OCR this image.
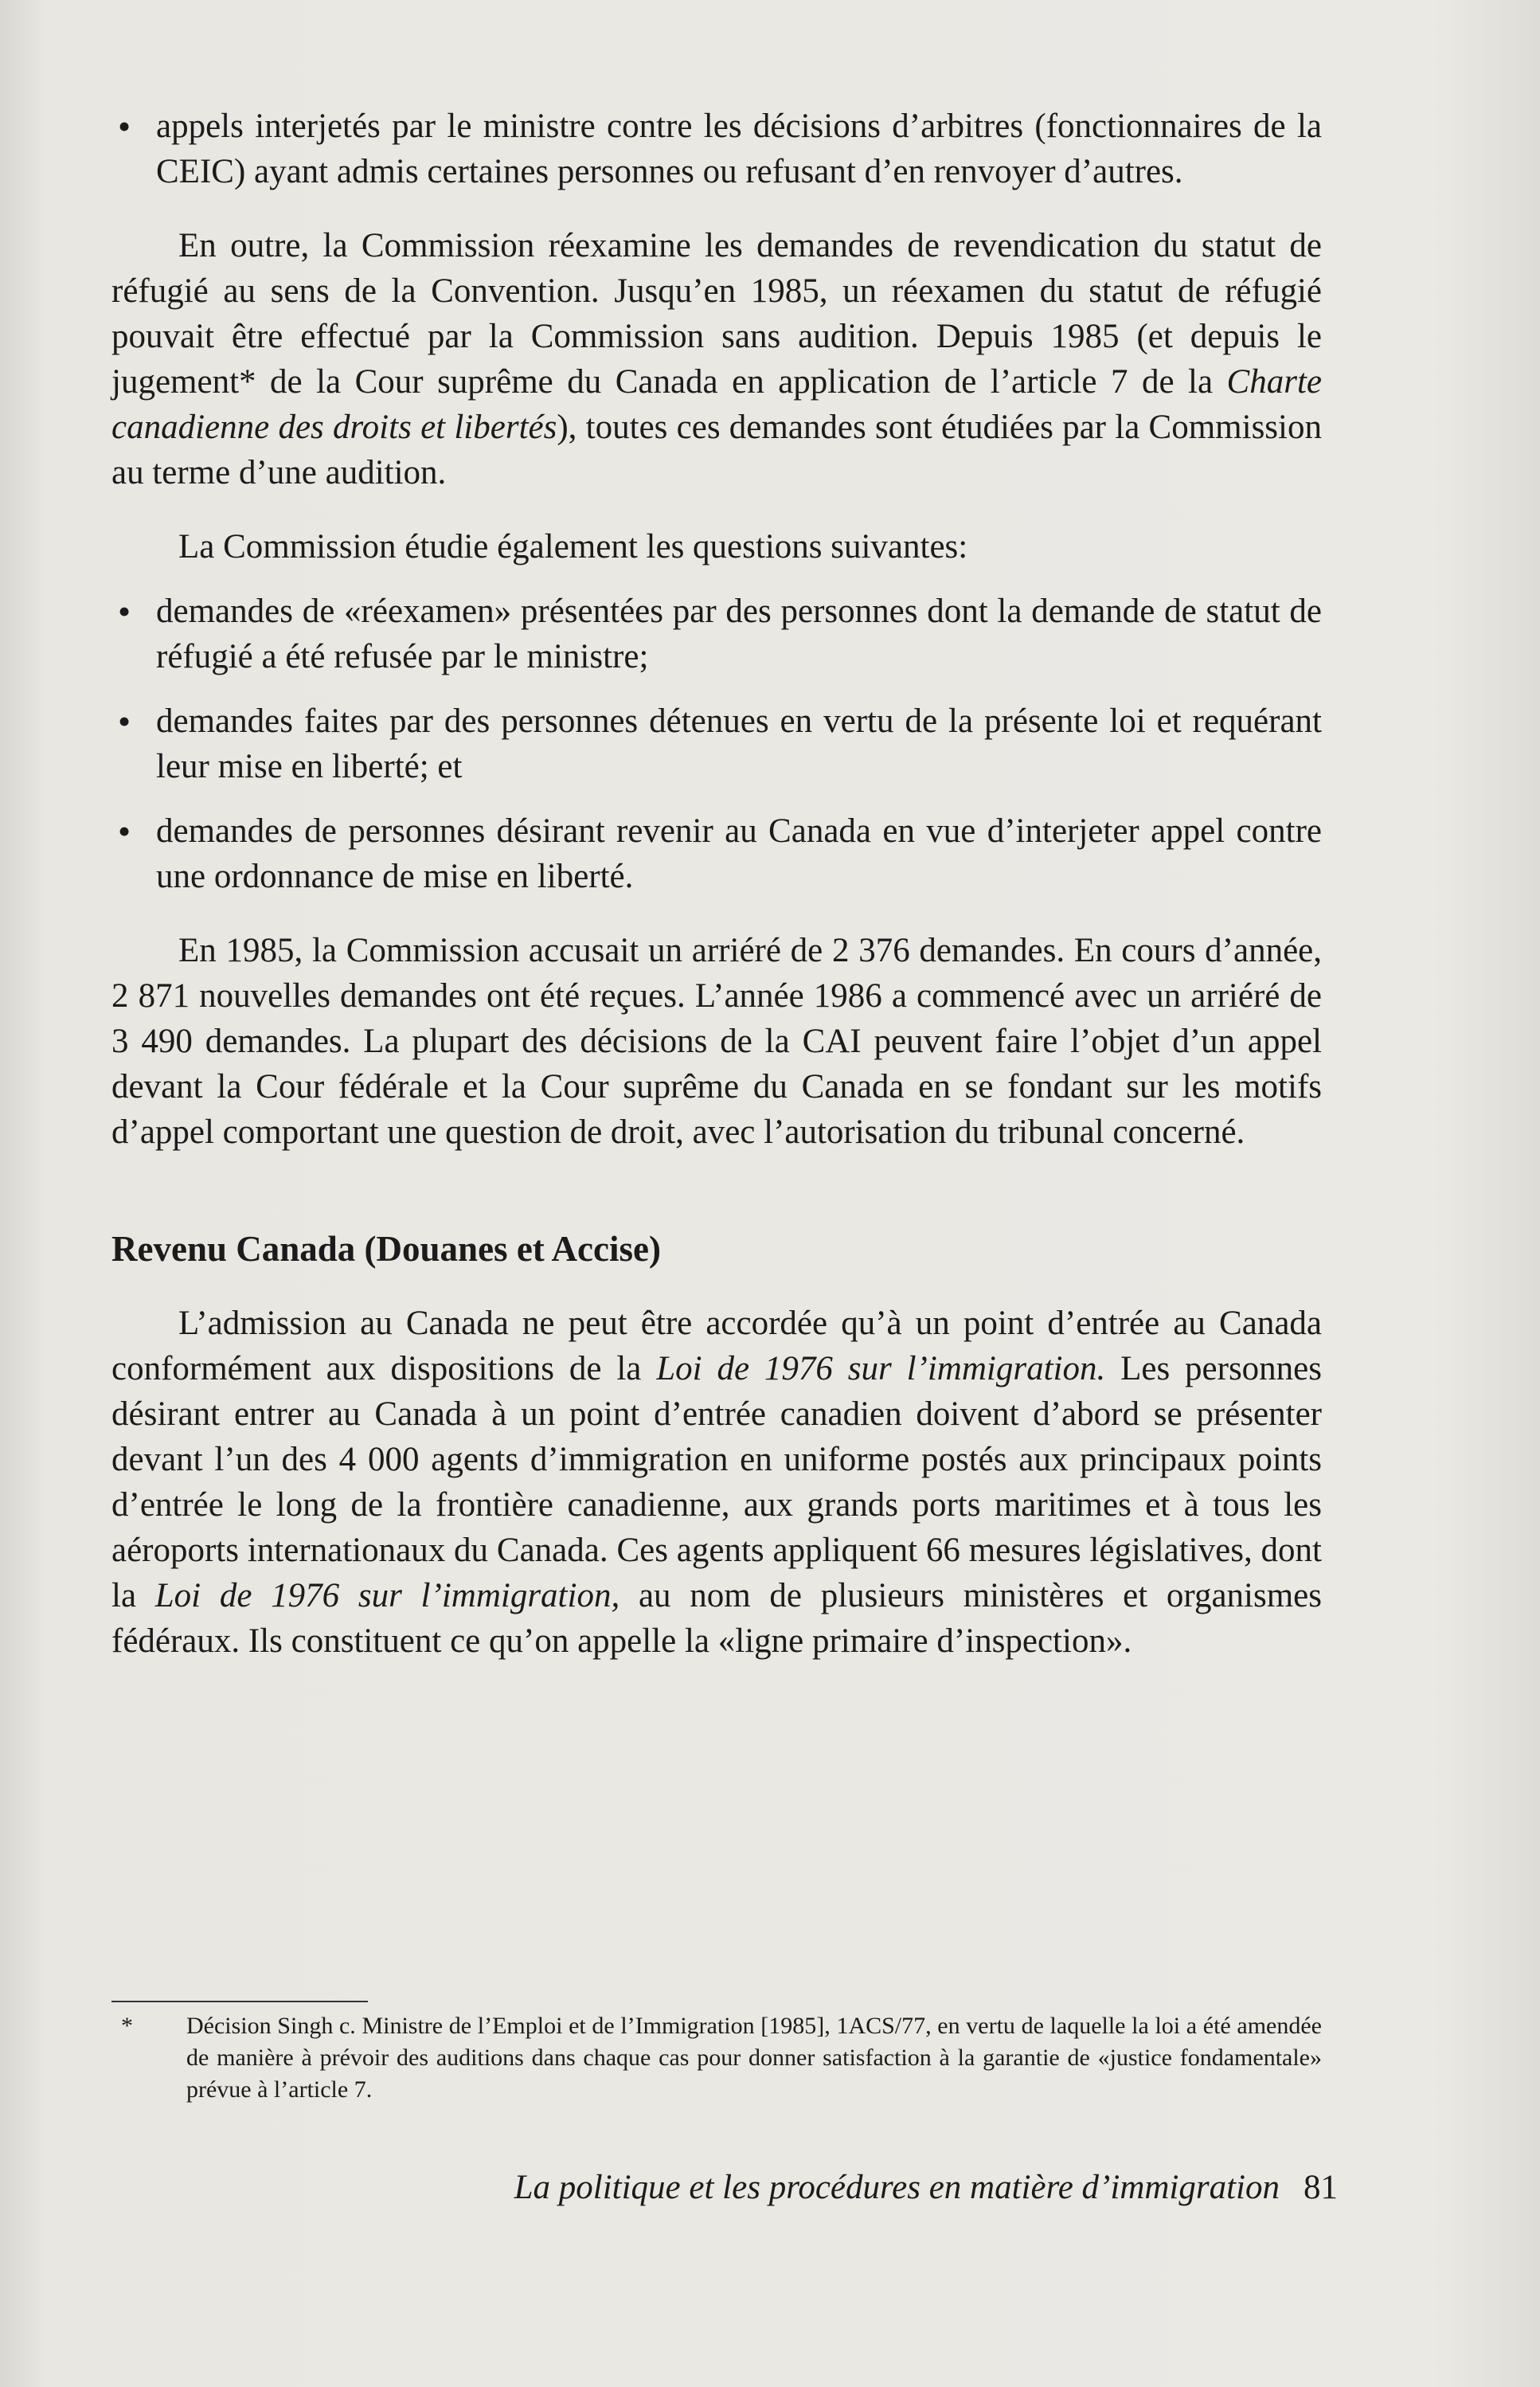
• appels interjetés par le ministre contre les décisions d’arbitres (fonctionnaires de la CEIC) ayant admis certaines personnes ou refusant d’en renvoyer d’autres.

En outre, la Commission réexamine les demandes de revendication du statut de réfugié au sens de la Convention. Jusqu’en 1985, un réexamen du statut de réfugié pouvait être effectué par la Commission sans audition. Depuis 1985 (et depuis le jugement* de la Cour suprême du Canada en application de l’article 7 de la Charte canadienne des droits et libertés), toutes ces demandes sont étudiées par la Commission au terme d’une audition.

La Commission étudie également les questions suivantes:

• demandes de «réexamen» présentées par des personnes dont la demande de statut de réfugié a été refusée par le ministre;

• demandes faites par des personnes détenues en vertu de la présente loi et requérant leur mise en liberté; et

• demandes de personnes désirant revenir au Canada en vue d’interjeter appel contre une ordonnance de mise en liberté.

En 1985, la Commission accusait un arriéré de 2 376 demandes. En cours d’année, 2 871 nouvelles demandes ont été reçues. L’année 1986 a commencé avec un arriéré de 3 490 demandes. La plupart des décisions de la CAI peuvent faire l’objet d’un appel devant la Cour fédérale et la Cour suprême du Canada en se fondant sur les motifs d’appel comportant une question de droit, avec l’autorisation du tribunal concerné.

Revenu Canada (Douanes et Accise)

L’admission au Canada ne peut être accordée qu’à un point d’entrée au Canada conformément aux dispositions de la Loi de 1976 sur l’immigration. Les personnes désirant entrer au Canada à un point d’entrée canadien doivent d’abord se présenter devant l’un des 4 000 agents d’immigration en uniforme postés aux principaux points d’entrée le long de la frontière canadienne, aux grands ports maritimes et à tous les aéroports internationaux du Canada. Ces agents appliquent 66 mesures législatives, dont la Loi de 1976 sur l’immigration, au nom de plusieurs ministères et organismes fédéraux. Ils constituent ce qu’on appelle la «ligne primaire d’inspection».

*	Décision Singh c. Ministre de l’Emploi et de l’Immigration [1985], 1ACS/77, en vertu de laquelle la loi a été amendée de manière à prévoir des auditions dans chaque cas pour donner satisfaction à la garantie de «justice fondamentale» prévue à l’article 7.

La politique et les procédures en matière d’immigration 81
